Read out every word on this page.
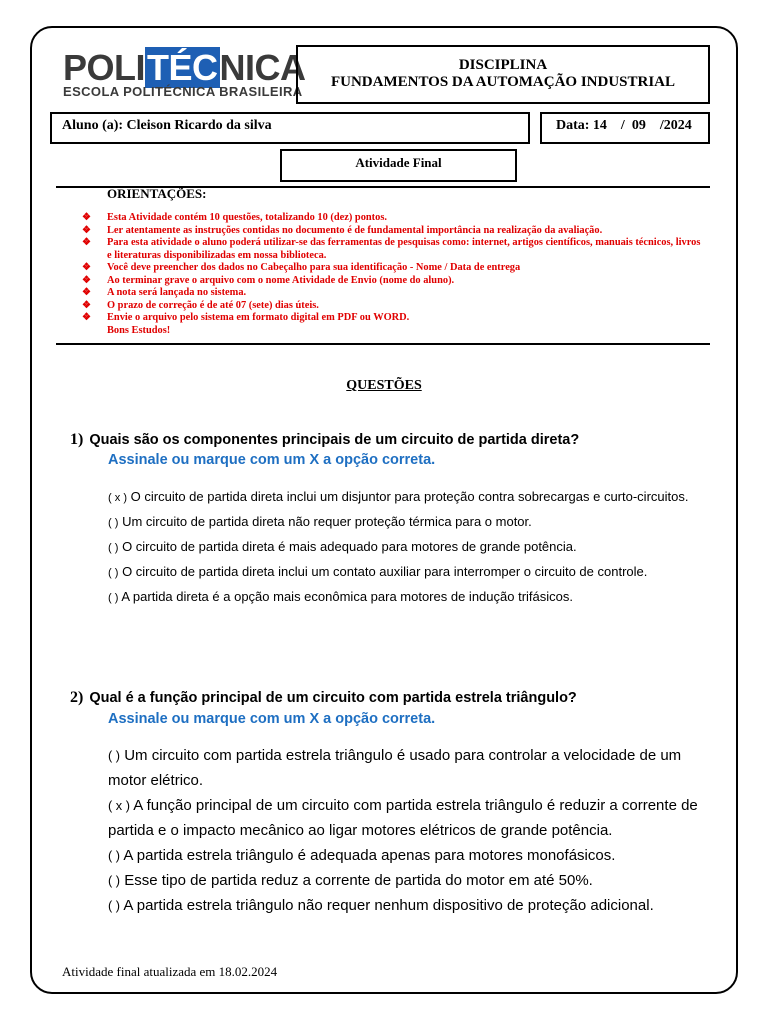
POLITÉCNICA
ESCOLA POLITÉCNICA BRASILEIRA
DISCIPLINA
FUNDAMENTOS DA AUTOMAÇÃO INDUSTRIAL
Aluno (a): Cleison Ricardo da silva	Data: 14    /  09    /2024
Atividade Final
ORIENTAÇÕES:
❖ Esta Atividade contém 10 questões, totalizando 10 (dez) pontos.
❖ Ler atentamente as instruções contidas no documento é de fundamental importância na realização da avaliação.
❖ Para esta atividade o aluno poderá utilizar-se das ferramentas de pesquisas como: internet, artigos científicos, manuais técnicos, livros e literaturas disponibilizadas em nossa biblioteca.
❖ Você deve preencher dos dados no Cabeçalho para sua identificação - Nome / Data de entrega
❖ Ao terminar grave o arquivo com o nome Atividade de Envio (nome do aluno).
❖ A nota será lançada no sistema.
❖ O prazo de correção é de até 07 (sete) dias úteis.
❖ Envie o arquivo pelo sistema em formato digital em PDF ou WORD.
Bons Estudos!
QUESTÕES
1) Quais são os componentes principais de um circuito de partida direta?
Assinale ou marque com um X a opção correta.

( x ) O circuito de partida direta inclui um disjuntor para proteção contra sobrecargas e curto-circuitos.

( ) Um circuito de partida direta não requer proteção térmica para o motor.

( ) O circuito de partida direta é mais adequado para motores de grande potência.

( ) O circuito de partida direta inclui um contato auxiliar para interromper o circuito de controle.

( ) A partida direta é a opção mais econômica para motores de indução trifásicos.

2) Qual é a função principal de um circuito com partida estrela triângulo?
Assinale ou marque com um X a opção correta.

( ) Um circuito com partida estrela triângulo é usado para controlar a velocidade de um motor elétrico.

( x ) A função principal de um circuito com partida estrela triângulo é reduzir a corrente de partida e o impacto mecânico ao ligar motores elétricos de grande potência.

( ) A partida estrela triângulo é adequada apenas para motores monofásicos.

( ) Esse tipo de partida reduz a corrente de partida do motor em até 50%.

( ) A partida estrela triângulo não requer nenhum dispositivo de proteção adicional.

Atividade final atualizada em 18.02.2024
